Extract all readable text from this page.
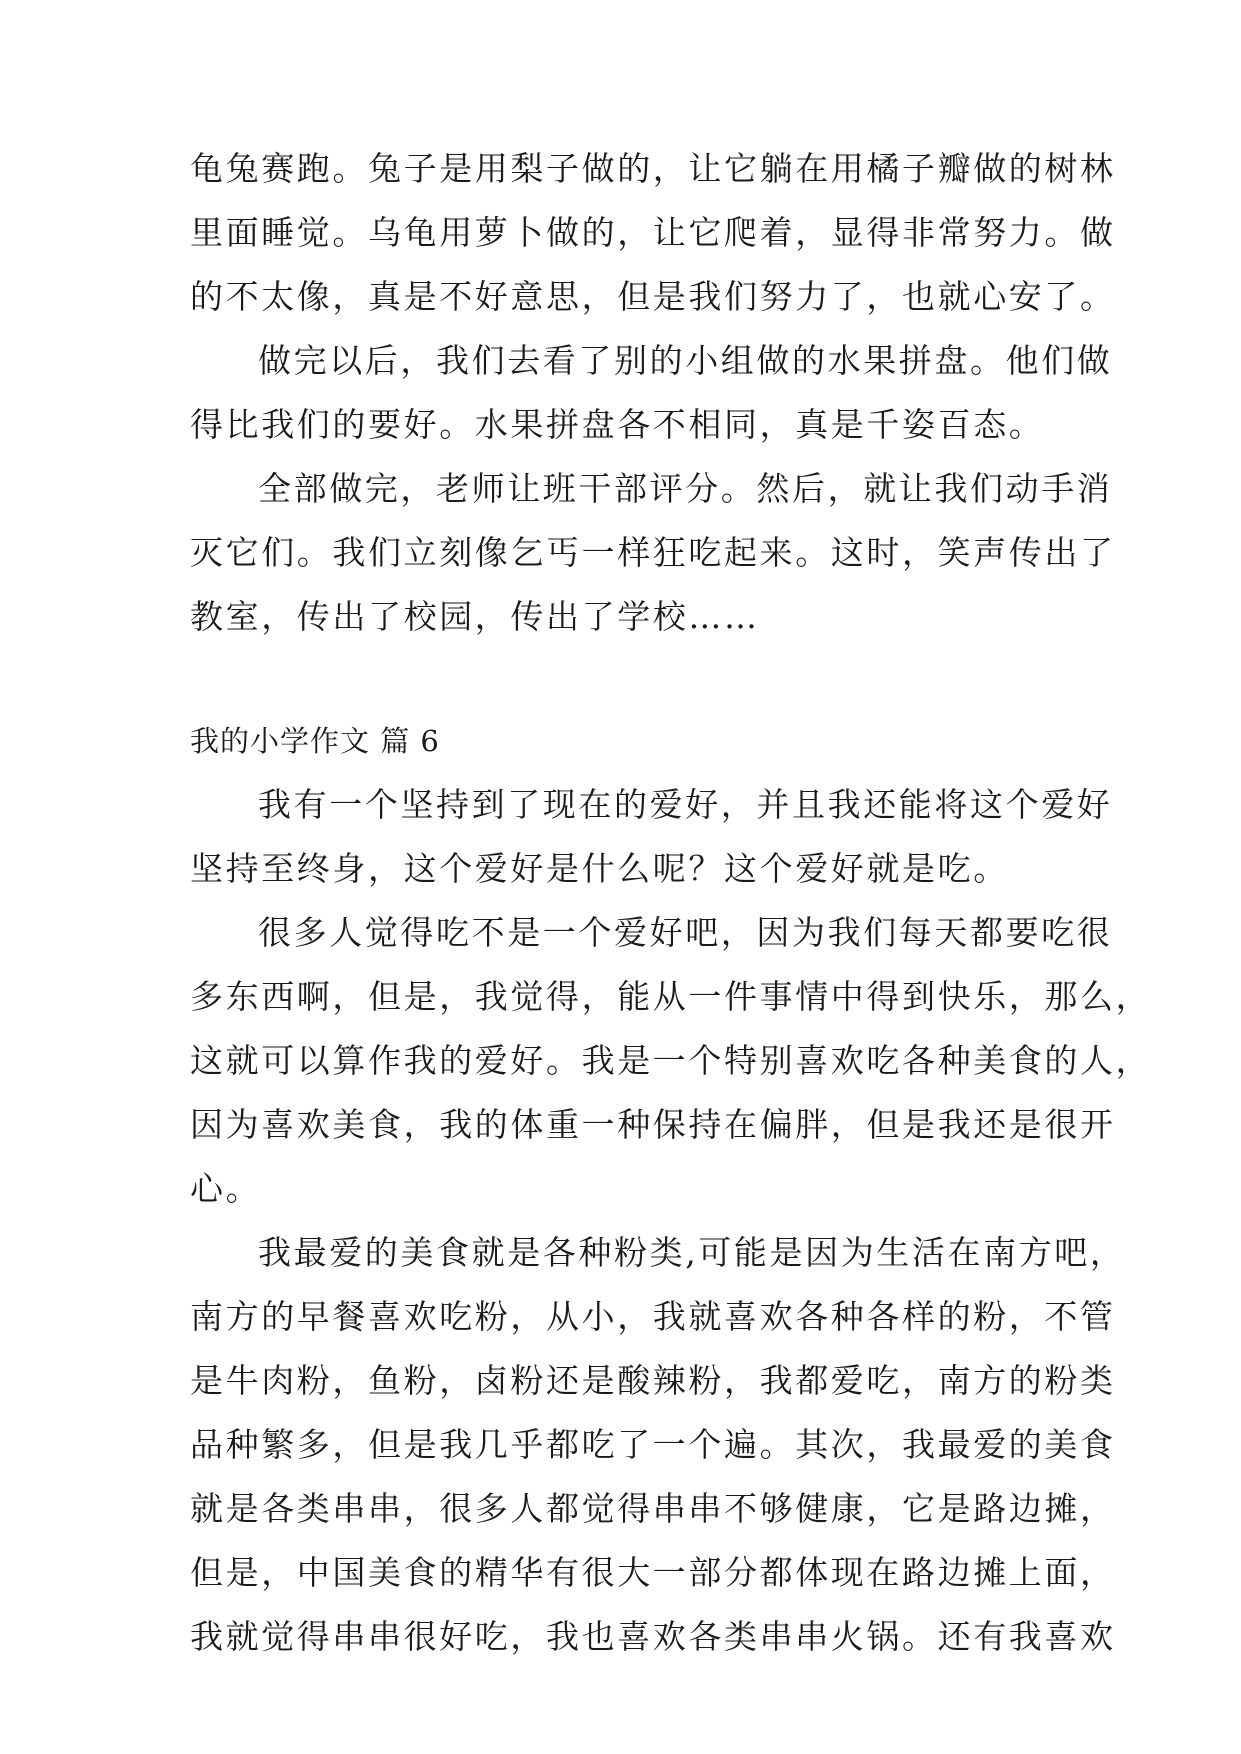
龟兔赛跑。兔子是用梨子做的，让它躺在用橘子瓣做的树林
里面睡觉。乌龟用萝卜做的，让它爬着，显得非常努力。做
的不太像，真是不好意思，但是我们努力了，也就心安了。
做完以后，我们去看了别的小组做的水果拼盘。他们做
得比我们的要好。水果拼盘各不相同，真是千姿百态。
全部做完，老师让班干部评分。然后，就让我们动手消
灭它们。我们立刻像乞丐一样狂吃起来。这时，笑声传出了
教室，传出了校园，传出了学校……
我的小学作文 篇 6
我有一个坚持到了现在的爱好，并且我还能将这个爱好
坚持至终身，这个爱好是什么呢？这个爱好就是吃。
很多人觉得吃不是一个爱好吧，因为我们每天都要吃很
多东西啊，但是，我觉得，能从一件事情中得到快乐，那么，
这就可以算作我的爱好。我是一个特别喜欢吃各种美食的人，
因为喜欢美食，我的体重一种保持在偏胖，但是我还是很开
心。
我最爱的美食就是各种粉类,可能是因为生活在南方吧，
南方的早餐喜欢吃粉，从小，我就喜欢各种各样的粉，不管
是牛肉粉，鱼粉，卤粉还是酸辣粉，我都爱吃，南方的粉类
品种繁多，但是我几乎都吃了一个遍。其次，我最爱的美食
就是各类串串，很多人都觉得串串不够健康，它是路边摊，
但是，中国美食的精华有很大一部分都体现在路边摊上面，
我就觉得串串很好吃，我也喜欢各类串串火锅。还有我喜欢
